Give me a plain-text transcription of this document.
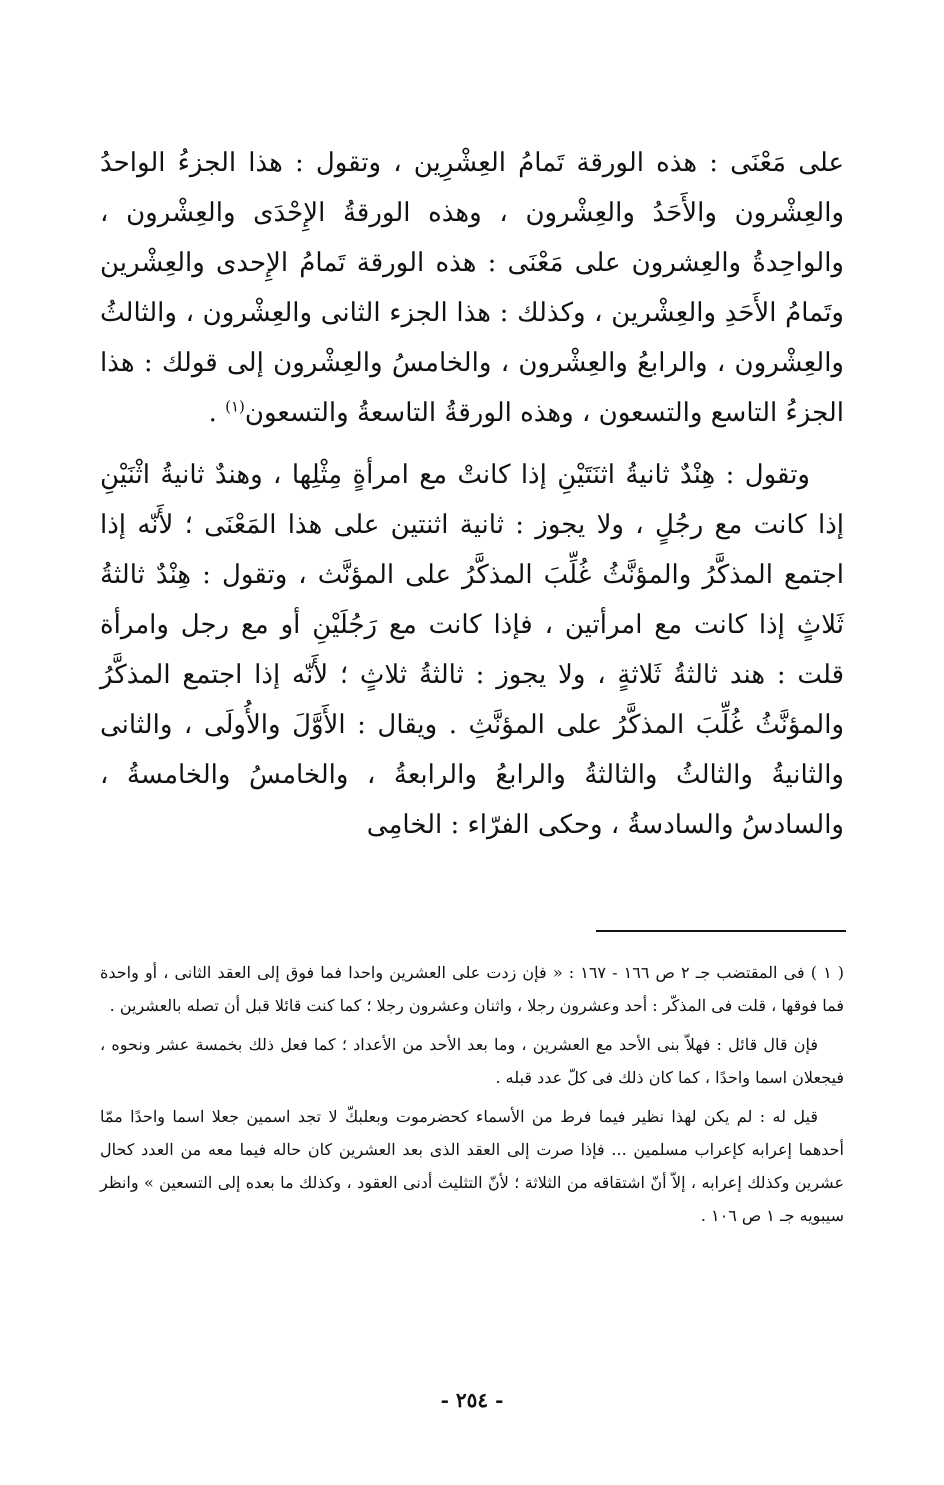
على مَعْنَى : هذه الورقة تَمامُ العِشْرِين ، وتقول : هذا الجزءُ الواحدُ والعِشْرون والأَحَدُ والعِشْرون ، وهذه الورقةُ الإِحْدَى والعِشْرون ، والواحِدةُ والعِشرون على مَعْنَى : هذه الورقة تَمامُ الإِحدى والعِشْرين وتَمامُ الأَحَدِ والعِشْرين ، وكذلك : هذا الجزء الثانى والعِشْرون ، والثالثُ والعِشْرون ، والرابعُ والعِشْرون ، والخامسُ والعِشْرون إلى قولك : هذا الجزءُ التاسع والتسعون ، وهذه الورقةُ التاسعةُ والتسعون$^{(١)}$ .

وتقول : هِنْدٌ ثانيةُ اثنَتَيْنِ إذا كانتْ مع امرأةٍ مِثْلِها ، وهندٌ ثانيةُ اثْنَيْنِ إذا كانت مع رجُلٍ ، ولا يجوز : ثانية اثنتين على هذا المَعْنَى ؛ لأَنّه إذا اجتمع المذكَّرُ والمؤنَّثُ غُلِّبَ المذكَّرُ على المؤنَّث ، وتقول : هِنْدٌ ثالثةُ ثَلاثٍ إذا كانت مع امرأتين ، فإذا كانت مع رَجُلَيْنِ أو مع رجل وامرأة قلت : هند ثالثةُ ثَلاثةٍ ، ولا يجوز : ثالثةُ ثلاثٍ ؛ لأَنّه إذا اجتمع المذكَّرُ والمؤنَّثُ غُلِّبَ المذكَّرُ على المؤنَّثِ . ويقال : الأَوَّلَ والأُولَى ، والثانى والثانيةُ والثالثُ والثالثةُ والرابعُ والرابعةُ ، والخامسُ والخامسةُ ، والسادسُ والسادسةُ ، وحكى الفرّاء : الخامِى

( ١ ) فى المقتضب جـ ٢ ص ١٦٦ - ١٦٧ : « فإن زدت على العشرين واحدا فما فوق إلى العقد الثانى ، أو واحدة فما فوقها ، قلت فى المذكّر : أحد وعشرون رجلا ، واثنان وعشرون رجلا ؛ كما كنت قائلا قبل أن تصله بالعشرين .

فإن قال قائل : فهلاّ بنى الأحد مع العشرين ، وما بعد الأحد من الأعداد ؛ كما فعل ذلك بخمسة عشر ونحوه ، فيجعلان اسما واحدًا ، كما كان ذلك فى كلّ عدد قبله .

قيل له : لم يكن لهذا نظير فيما فرط من الأسماء كحضرموت وبعلبكّ لا تجد اسمين جعلا اسما واحدًا ممّا أحدهما إعرابه كإعراب مسلمين ... فإذا صرت إلى العقد الذى بعد العشرين كان حاله فيما معه من العدد كحال عشرين وكذلك إعرابه ، إلاّ أنّ اشتقاقه من الثلاثة ؛ لأنّ التثليث أدنى العقود ، وكذلك ما بعده إلى التسعين » وانظر سيبويه جـ ١ ص ١٠٦ .

- ٢٥٤ -
